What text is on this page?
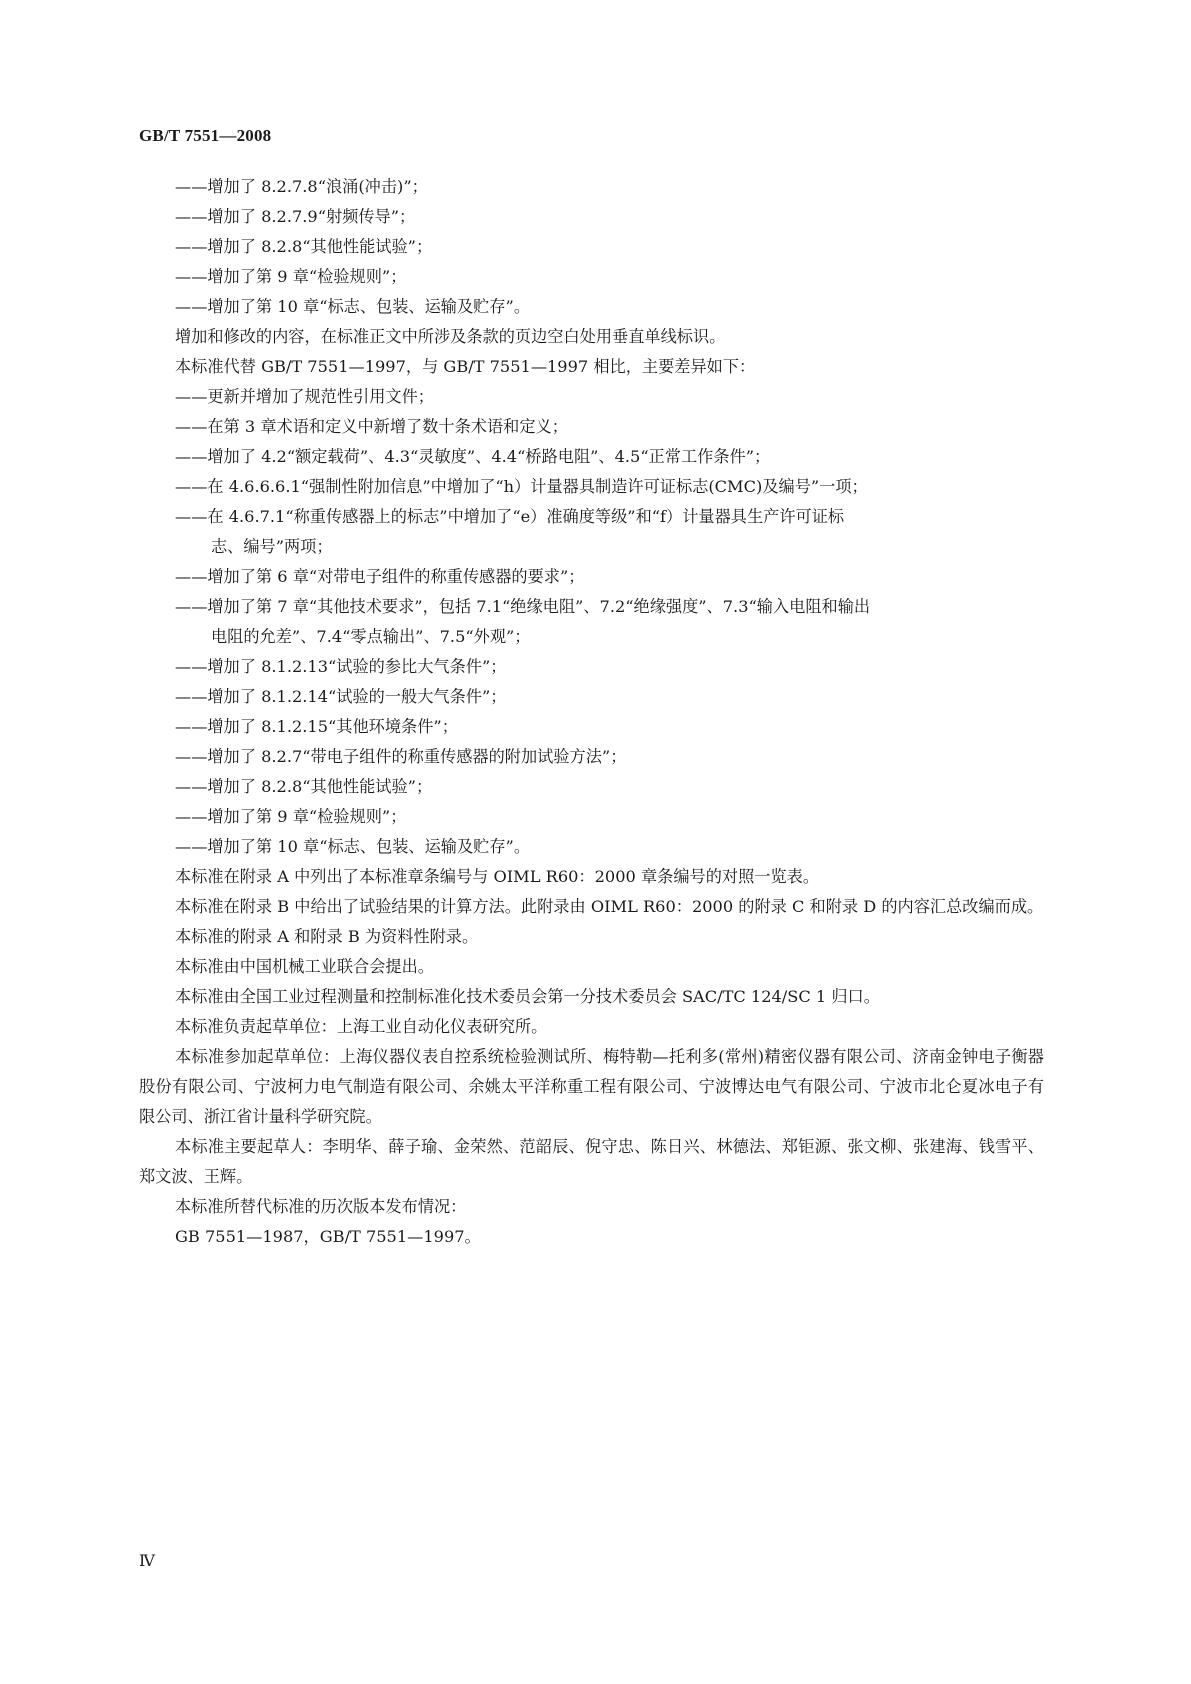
GB/T 7551—2008
——增加了 8.2.7.8“浪涌(冲击)”；
——增加了 8.2.7.9“射频传导”；
——增加了 8.2.8“其他性能试验”；
——增加了第 9 章“检验规则”；
——增加了第 10 章“标志、包装、运输及贮存”。
增加和修改的内容，在标准正文中所涉及条款的页边空白处用垂直单线标识。
本标准代替 GB/T 7551—1997，与 GB/T 7551—1997 相比，主要差异如下：
——更新并增加了规范性引用文件；
——在第 3 章术语和定义中新增了数十条术语和定义；
——增加了 4.2“额定载荷”、4.3“灵敏度”、4.4“桥路电阻”、4.5“正常工作条件”；
——在 4.6.6.6.1“强制性附加信息”中增加了“h）计量器具制造许可证标志(CMC)及编号”一项；
——在 4.6.7.1“称重传感器上的标志”中增加了“e）准确度等级”和“f）计量器具生产许可证标
志、编号”两项；
——增加了第 6 章“对带电子组件的称重传感器的要求”；
——增加了第 7 章“其他技术要求”，包括 7.1“绝缘电阻”、7.2“绝缘强度”、7.3“输入电阻和输出
电阻的允差”、7.4“零点输出”、7.5“外观”；
——增加了 8.1.2.13“试验的参比大气条件”；
——增加了 8.1.2.14“试验的一般大气条件”；
——增加了 8.1.2.15“其他环境条件”；
——增加了 8.2.7“带电子组件的称重传感器的附加试验方法”；
——增加了 8.2.8“其他性能试验”；
——增加了第 9 章“检验规则”；
——增加了第 10 章“标志、包装、运输及贮存”。
本标准在附录 A 中列出了本标准章条编号与 OIML R60：2000 章条编号的对照一览表。
本标准在附录 B 中给出了试验结果的计算方法。此附录由 OIML R60：2000 的附录 C 和附录 D 的内容汇总改编而成。
本标准的附录 A 和附录 B 为资料性附录。
本标准由中国机械工业联合会提出。
本标准由全国工业过程测量和控制标准化技术委员会第一分技术委员会 SAC/TC 124/SC 1 归口。
本标准负责起草单位：上海工业自动化仪表研究所。
本标准参加起草单位：上海仪器仪表自控系统检验测试所、梅特勒—托利多(常州)精密仪器有限公司、济南金钟电子衡器股份有限公司、宁波柯力电气制造有限公司、余姚太平洋称重工程有限公司、宁波博达电气有限公司、宁波市北仑夏冰电子有限公司、浙江省计量科学研究院。
本标准主要起草人：李明华、薛子瑜、金荣然、范韶辰、倪守忠、陈日兴、林德法、郑钜源、张文柳、张建海、钱雪平、郑文波、王辉。
本标准所替代标准的历次版本发布情况：
GB 7551—1987，GB/T 7551—1997。
Ⅳ
